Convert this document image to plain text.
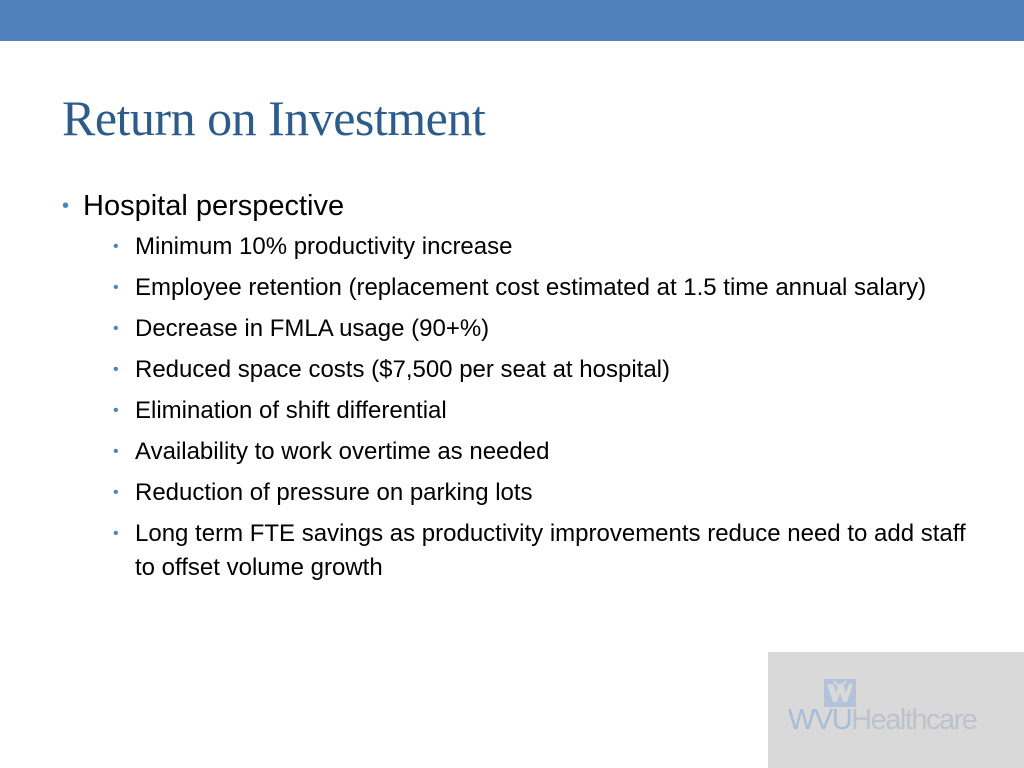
Return on Investment
• Hospital perspective
• Minimum 10% productivity increase
• Employee retention (replacement cost estimated at 1.5 time annual salary)
• Decrease in FMLA usage (90+%)
• Reduced space costs ($7,500 per seat at hospital)
• Elimination of shift differential
• Availability to work overtime as needed
• Reduction of pressure on parking lots
• Long term FTE savings as productivity improvements reduce need to add staff to offset volume growth
WVUHealthcare
